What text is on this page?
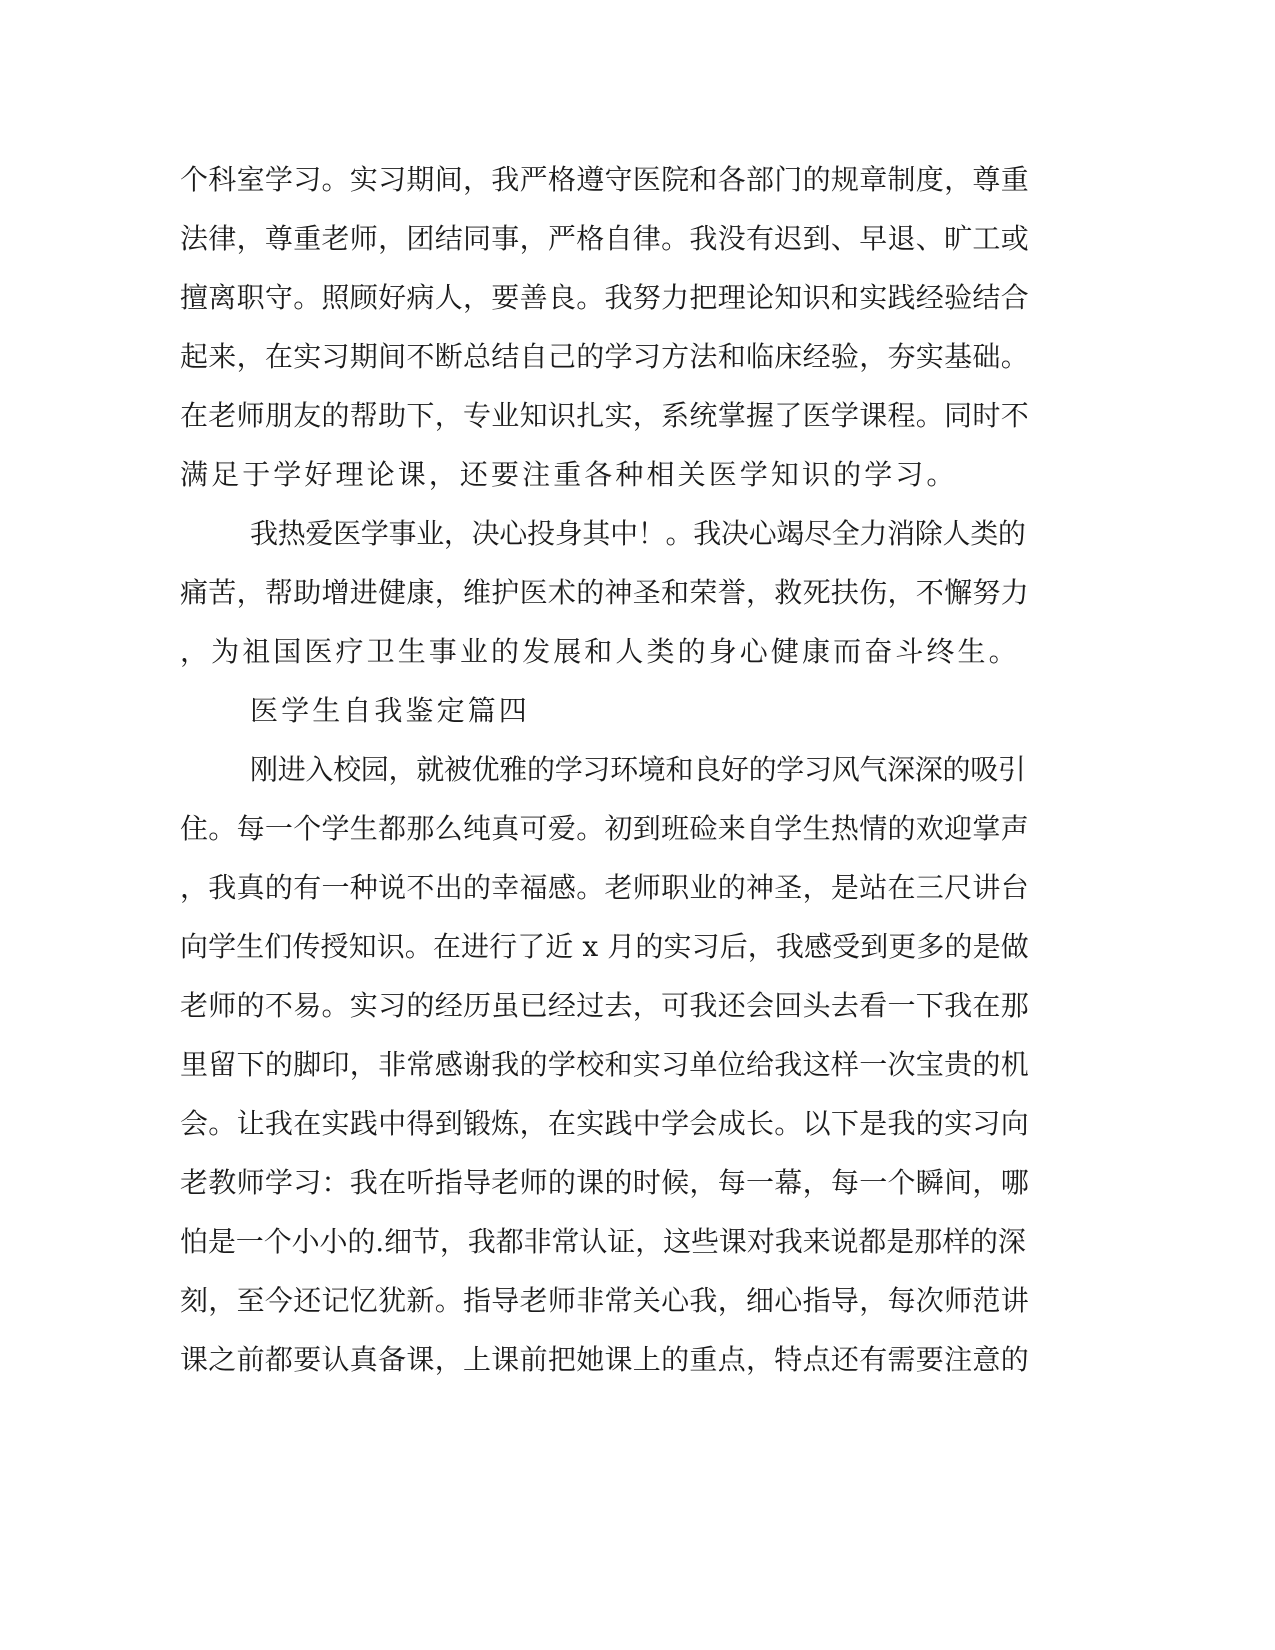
个科室学习。实习期间，我严格遵守医院和各部门的规章制度，尊重
法律，尊重老师，团结同事，严格自律。我没有迟到、早退、旷工或
擅离职守。照顾好病人，要善良。我努力把理论知识和实践经验结合
起来，在实习期间不断总结自己的学习方法和临床经验，夯实基础。
在老师朋友的帮助下，专业知识扎实，系统掌握了医学课程。同时不
满足于学好理论课，还要注重各种相关医学知识的学习。
我热爱医学事业，决心投身其中！。我决心竭尽全力消除人类的
痛苦，帮助增进健康，维护医术的神圣和荣誉，救死扶伤，不懈努力
，为祖国医疗卫生事业的发展和人类的身心健康而奋斗终生。
医学生自我鉴定篇四
刚进入校园，就被优雅的学习环境和良好的学习风气深深的吸引
住。每一个学生都那么纯真可爱。初到班硷来自学生热情的欢迎掌声
，我真的有一种说不出的幸福感。老师职业的神圣，是站在三尺讲台
向学生们传授知识。在进行了近 x 月的实习后，我感受到更多的是做
老师的不易。实习的经历虽已经过去，可我还会回头去看一下我在那
里留下的脚印，非常感谢我的学校和实习单位给我这样一次宝贵的机
会。让我在实践中得到锻炼，在实践中学会成长。以下是我的实习向
老教师学习：我在听指导老师的课的时候，每一幕，每一个瞬间，哪
怕是一个小小的.细节，我都非常认证，这些课对我来说都是那样的深
刻，至今还记忆犹新。指导老师非常关心我，细心指导，每次师范讲
课之前都要认真备课，上课前把她课上的重点，特点还有需要注意的
